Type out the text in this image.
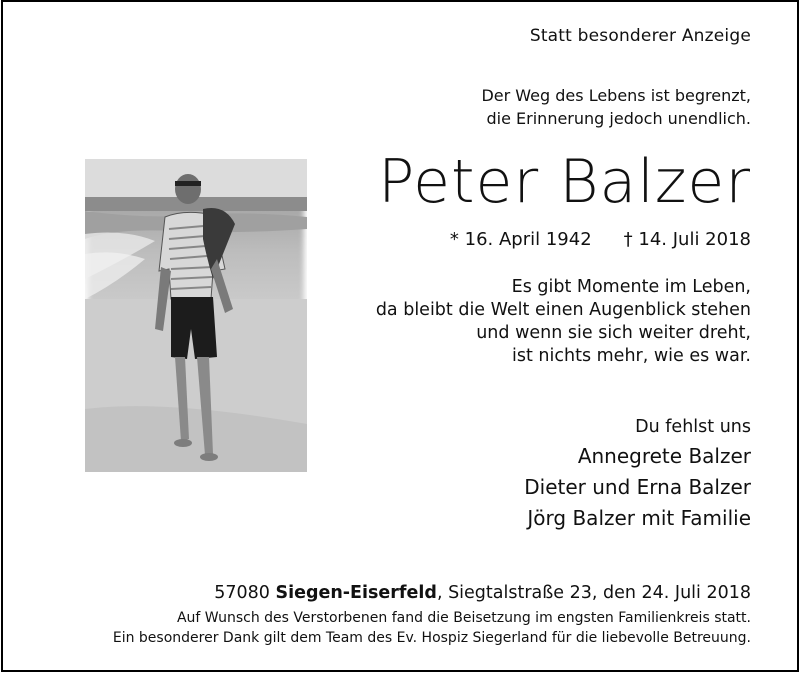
Statt besonderer Anzeige
Der Weg des Lebens ist begrenzt,
die Erinnerung jedoch unendlich.
Peter Balzer
* 16. April 1942 † 14. Juli 2018
Es gibt Momente im Leben,
da bleibt die Welt einen Augenblick stehen
und wenn sie sich weiter dreht,
ist nichts mehr, wie es war.
Du fehlst uns
Annegrete Balzer
Dieter und Erna Balzer
Jörg Balzer mit Familie
57080 Siegen-Eiserfeld, Siegtalstraße 23, den 24. Juli 2018
Auf Wunsch des Verstorbenen fand die Beisetzung im engsten Familienkreis statt.
Ein besonderer Dank gilt dem Team des Ev. Hospiz Siegerland für die liebevolle Betreuung.
